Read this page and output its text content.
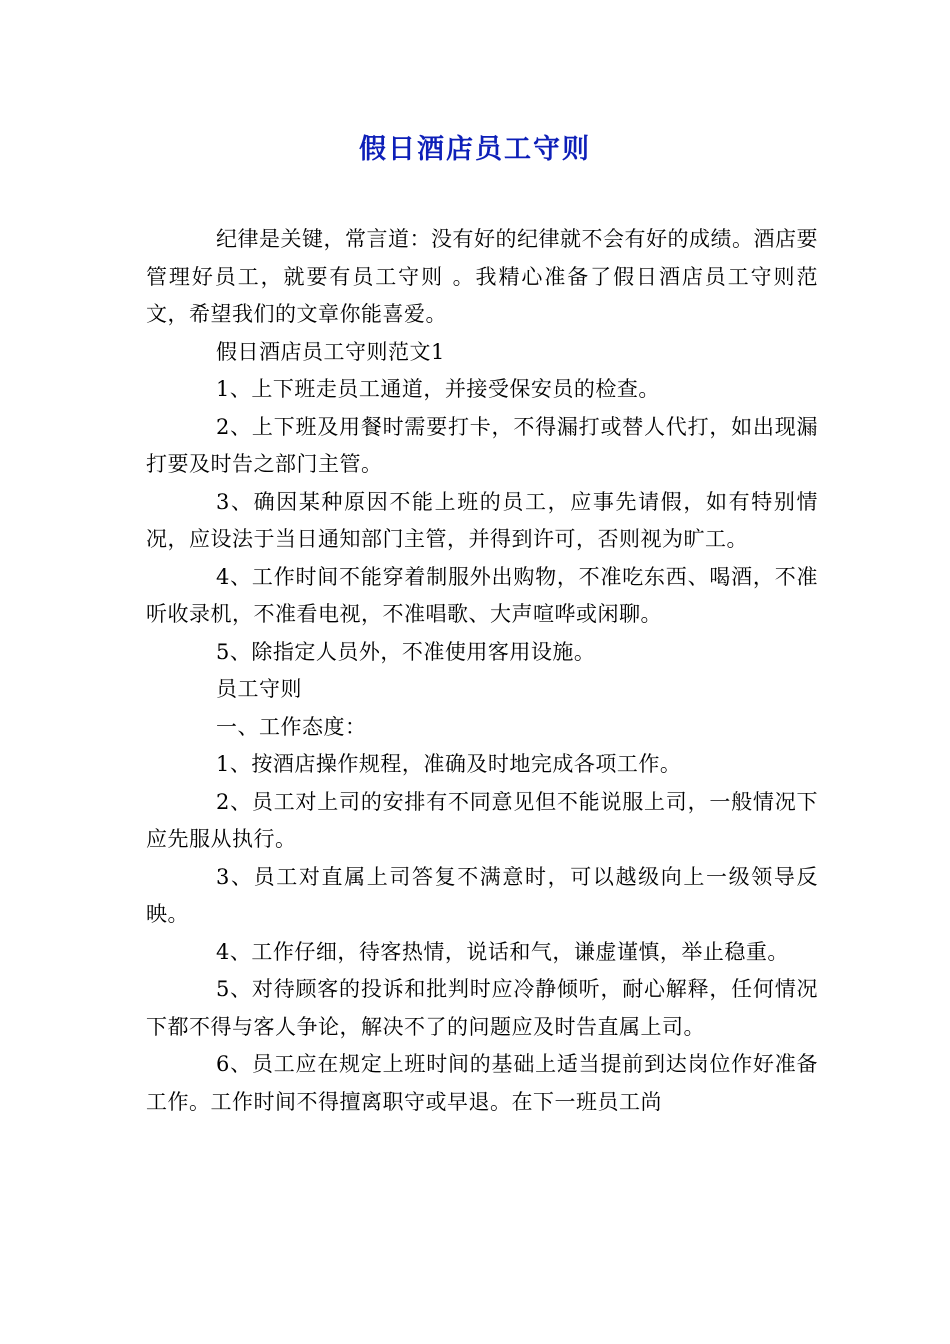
假日酒店员工守则

纪律是关键，常言道：没有好的纪律就不会有好的成绩。酒店要管理好员工，就要有员工守则 。我精心准备了假日酒店员工守则范文，希望我们的文章你能喜爱。

假日酒店员工守则范文1

1、上下班走员工通道，并接受保安员的检查。

2、上下班及用餐时需要打卡，不得漏打或替人代打，如出现漏打要及时告之部门主管。

3、确因某种原因不能上班的员工，应事先请假，如有特别情况，应设法于当日通知部门主管，并得到许可，否则视为旷工。

4、工作时间不能穿着制服外出购物，不准吃东西、喝酒，不准听收录机，不准看电视，不准唱歌、大声喧哗或闲聊。

5、除指定人员外，不准使用客用设施。

员工守则

一、工作态度：

1、按酒店操作规程，准确及时地完成各项工作。

2、员工对上司的安排有不同意见但不能说服上司，一般情况下应先服从执行。

3、员工对直属上司答复不满意时，可以越级向上一级领导反映。

4、工作仔细，待客热情，说话和气，谦虚谨慎，举止稳重。

5、对待顾客的投诉和批判时应冷静倾听，耐心解释，任何情况下都不得与客人争论，解决不了的问题应及时告直属上司。

6、员工应在规定上班时间的基础上适当提前到达岗位作好准备工作。工作时间不得擅离职守或早退。在下一班员工尚
